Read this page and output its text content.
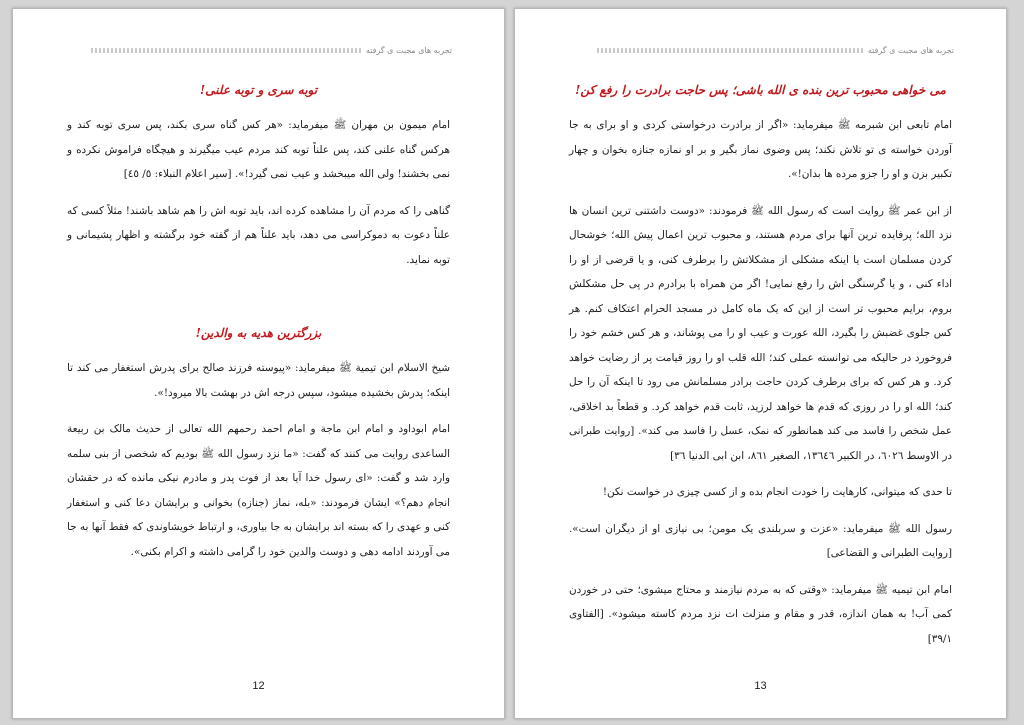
تجربه های مجبت ی گرفته
توبه سری و توبه علنی!

امام میمون بن مهران ﷺ میفرماید: «هر کس گناه سری بکند، پس سری توبه کند و هرکس گناه علنی کند، پس علناً توبه کند مردم عیب میگیرند و هیچگاه فراموش نکرده و نمی بخشند! ولی الله میبخشد و عیب نمی گیرد!». [سیر اعلام النبلاء: ٥/ ٤٥]

گناهی را که مردم آن را مشاهده کرده اند، باید توبه اش را هم شاهد باشند! مثلاً کسی که علناً دعوت به دموکراسی می دهد، باید علناً هم از گفته خود برگشته و اظهار پشیمانی و توبه نماید.

بزرگترین هدیه به والدین!

شیخ الاسلام ابن تیمیة ﷺ میفرماید: «پیوسته فرزند صالح برای پدرش استغفار می کند تا اینکه؛ پدرش بخشیده میشود، سپس درجه اش در بهشت بالا میرود!».

امام ابوداود و امام ابن ماجة و امام احمد رحمهم الله تعالی از حدیث مالک بن ربیعة الساعدی روایت می کنند که گفت: «ما نزد رسول الله ﷺ بودیم که شخصی از بنی سلمه وارد شد و گفت: «ای رسول خدا آیا بعد از فوت پدر و مادرم نیکی مانده که در حقشان انجام دهم؟» ایشان فرمودند: «بله، نماز (جنازه) بخوانی و برایشان دعا کنی و استغفار کنی و عهدی را که بسته اند برایشان به جا بیاوری، و ارتباط خویشاوندی که فقط آنها به جا می آوردند ادامه دهی و دوست والدین خود را گرامی داشته و اکرام بکنی».

12
تجربه های مجبت ی گرفته
می خواهی محبوب ترین بنده ی الله باشی؛ پس حاجت برادرت را رفع کن!

امام تابعی ابن شبرمه ﷺ میفرماید: «اگر از برادرت درخواستی کردی و او برای به جا آوردن خواسته ی تو تلاش نکند؛ پس وضوی نماز بگیر و بر او نمازه جنازه بخوان و چهار تکبیر بزن و او را جزو مرده ها بدان!».

از ابن عمر ﷺ روایت است که رسول الله ﷺ فرمودند: «دوست داشتنی ترین انسان ها نزد الله؛ پرفایده ترین آنها برای مردم هستند، و محبوب ترین اعمال پیش الله؛ خوشحال کردن مسلمان است یا اینکه مشکلی از مشکلاتش را برطرف کنی، و یا قرضی از او را اداء کنی ، و یا گرسنگی اش را رفع نمایی! اگر من همراه با برادرم در پی حل مشکلش بروم، برایم محبوب تر است از این که یک ماه کامل در مسجد الحرام اعتکاف کنم. هر کس جلوی غضبش را بگیرد، الله عورت و عیب او را می پوشاند، و هر کس خشم خود را فروخورد در حالیکه می توانسته عملی کند؛ الله قلب او را روز قیامت پر از رضایت خواهد کرد. و هر کس که برای برطرف کردن حاجت برادر مسلمانش می رود تا اینکه آن را حل کند؛ الله او را در روزی که قدم ها خواهد لرزید، ثابت قدم خواهد کرد. و قطعاً بد اخلاقی، عمل شخص را فاسد می کند همانطور که نمک، عسل را فاسد می کند». [روایت طبرانی در الاوسط ٦٠٢٦، در الکبیر ١٣٦٤٦، الصغیر ٨٦١، ابن ابی الدنیا ٣٦]

تا حدی که میتوانی، کارهایت را خودت انجام بده و از کسی چیزی در خواست نکن!

رسول الله ﷺ میفرماید: «عزت و سربلندی یک مومن؛ بی نیازی او از دیگران است». [روایت الطبرانی و القضاعی]

امام ابن تیمیه ﷺ میفرماید: «وقتی که به مردم نیازمند و محتاج میشوی؛ حتی در خوردن کمی آب! به همان اندازه، قدر و مقام و منزلت ات نزد مردم کاسته میشود». [الفتاوی ٣٩/١]

13
